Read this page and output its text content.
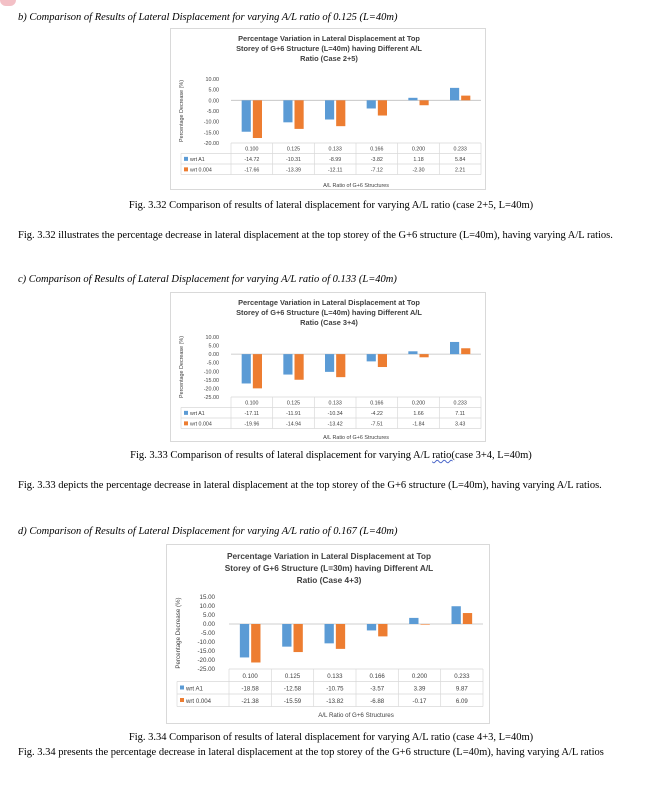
b) Comparison of Results of Lateral Displacement for varying A/L ratio of 0.125 (L=40m)
Percentage Variation in Lateral Displacement at Top
Storey of G+6 Structure (L=40m) having Different A/L
Ratio (Case 2+5)
Percentage Decrease (%)	10.00
5.00
0.00
-5.00
-10.00
-15.00
-20.00
0.100	0.125	0.133	0.166	0.200	0.233
wrt A1	-14.72	-10.31	-8.99	-3.82	1.18	5.84
wrt 0.004	-17.66	-13.39	-12.11	-7.12	-2.30	2.21
A/L Ratio of G+6 Structures
Fig. 3.32 Comparison of results of lateral displacement for varying A/L ratio (case 2+5, L=40m)
Fig. 3.32 illustrates the percentage decrease in lateral displacement at the top storey of the G+6 structure (L=40m), having varying A/L ratios.
c) Comparison of Results of Lateral Displacement for varying A/L ratio of 0.133 (L=40m)
Percentage Variation in Lateral Displacement at Top
Storey of G+6 Structure (L=40m) having Different A/L
Ratio (Case 3+4)
Percentage Decrease (%)	10.00
5.00
0.00
-5.00
-10.00
-15.00
-20.00
-25.00
0.100	0.125	0.133	0.166	0.200	0.233
wrt A1	-17.11	-11.91	-10.34	-4.22	1.66	7.11
wrt 0.004	-19.96	-14.94	-13.42	-7.51	-1.84	3.43
A/L Ratio of G+6 Structures
Fig. 3.33 Comparison of results of lateral displacement for varying A/L ratio(case 3+4, L=40m)
Fig. 3.33 depicts the percentage decrease in lateral displacement at the top storey of the G+6 structure (L=40m), having varying A/L ratios.
d) Comparison of Results of Lateral Displacement for varying A/L ratio of 0.167 (L=40m)
Percentage Variation in Lateral Displacement at Top
Storey of G+6 Structure (L=30m) having Different A/L
Ratio (Case 4+3)
Percentage Decrease (%)	15.00
10.00
5.00
0.00
-5.00
-10.00
-15.00
-20.00
-25.00
0.100	0.125	0.133	0.166	0.200	0.233
wrt A1	-18.58	-12.58	-10.75	-3.57	3.39	9.87
wrt 0.004	-21.38	-15.59	-13.82	-6.88	-0.17	6.09
A/L Ratio of G+6 Structures
Fig. 3.34 Comparison of results of lateral displacement for varying A/L ratio (case 4+3, L=40m)
Fig. 3.34 presents the percentage decrease in lateral displacement at the top storey of the G+6 structure (L=40m), having varying A/L ratios
